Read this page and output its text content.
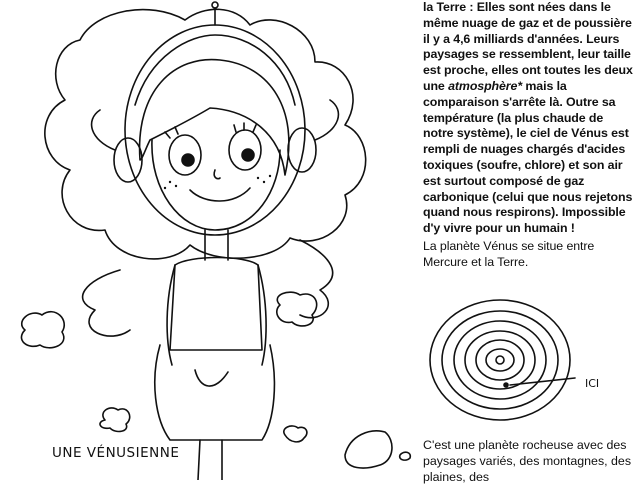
la Terre : Elles sont nées dans le même nuage de gaz et de poussière il y a 4,6 milliards d'années. Leurs paysages se ressemblent, leur taille est proche, elles ont toutes les deux une atmosphère* mais la comparaison s'arrête là. Outre sa température (la plus chaude de notre système), le ciel de Vénus est rempli de nuages chargés d'acides toxiques (soufre, chlore) et son air est surtout composé de gaz carbonique (celui que nous rejetons quand nous respirons). Impossible d'y vivre pour un humain !

La planète Vénus se situe entre Mercure et la Terre.

UNE VÉNUSIENNE
ICI

C'est une planète rocheuse avec des paysages variés, des montagnes, des plaines, des
